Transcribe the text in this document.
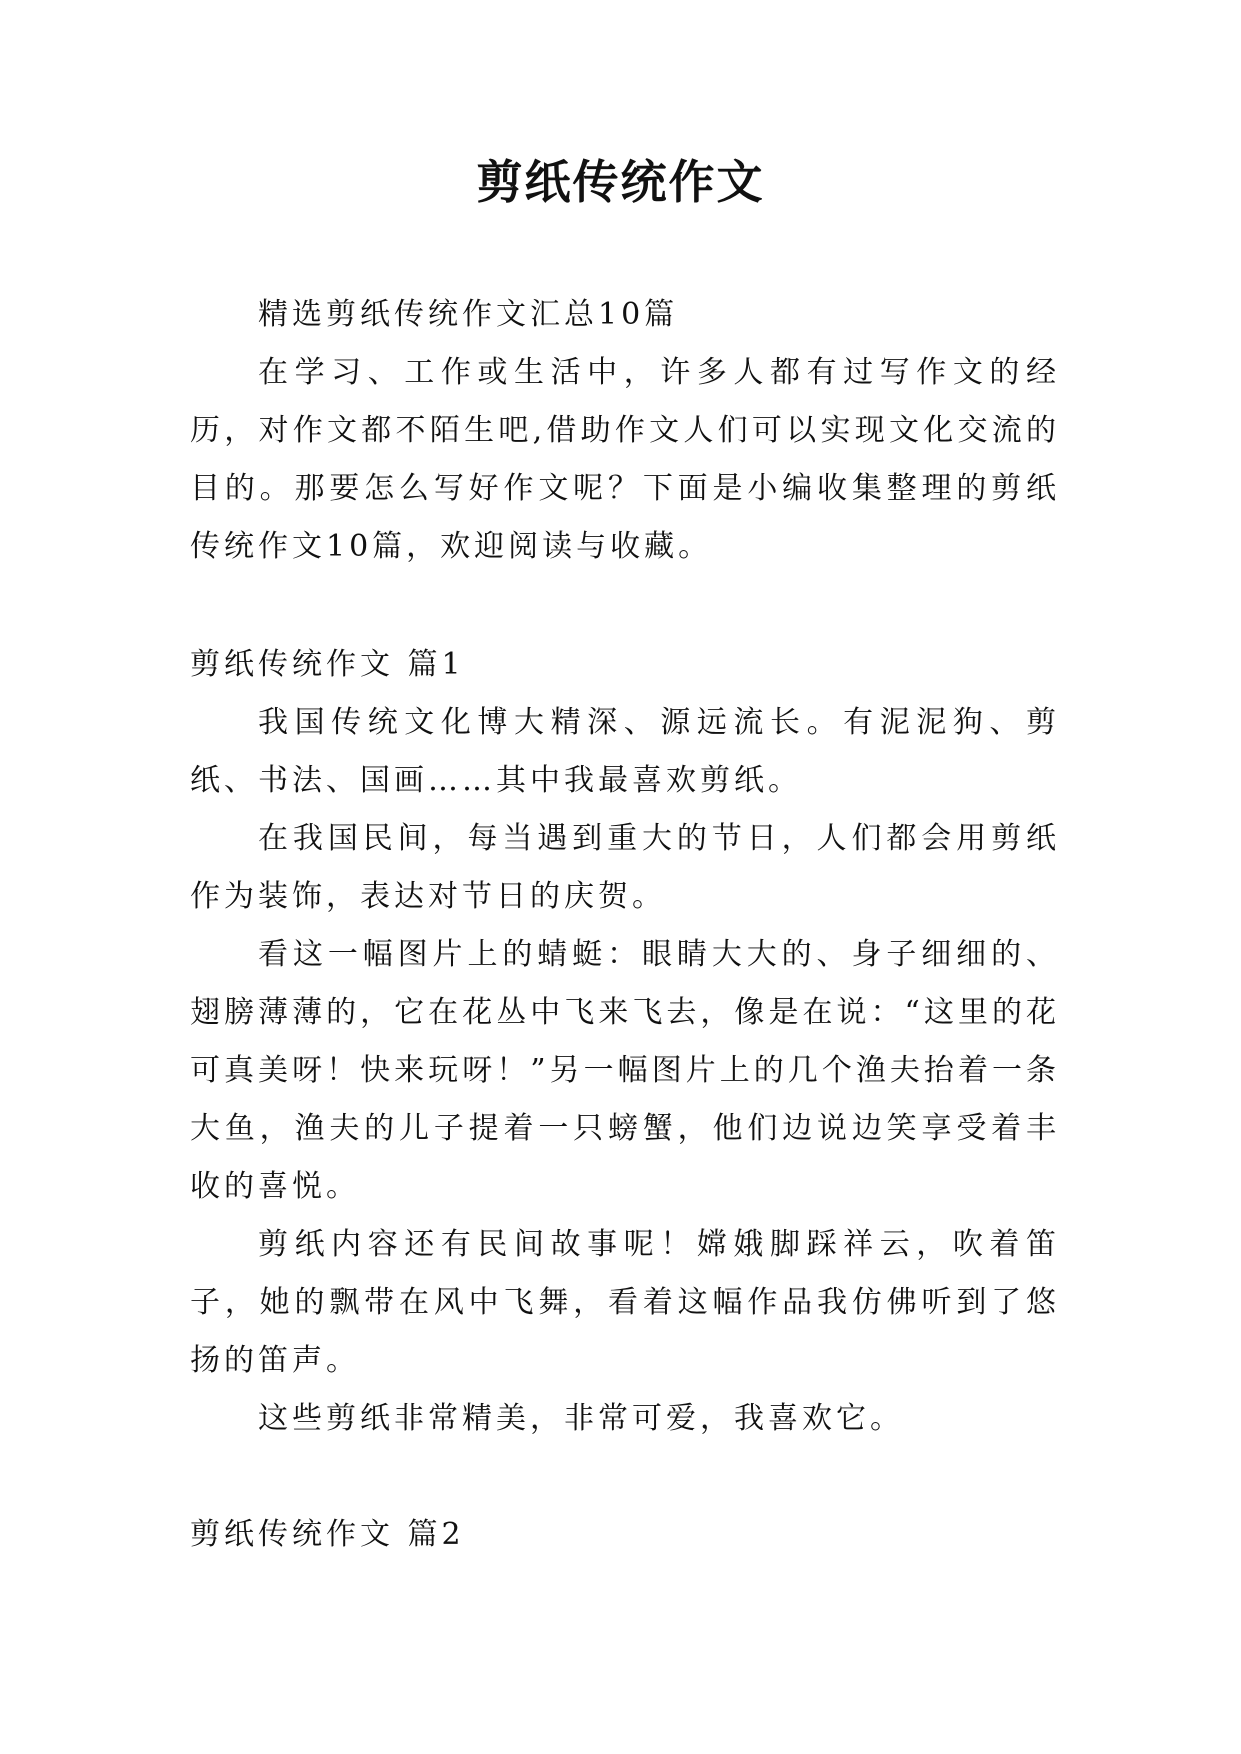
剪纸传统作文

精选剪纸传统作文汇总10篇

在学习、工作或生活中，许多人都有过写作文的经历，对作文都不陌生吧,借助作文人们可以实现文化交流的目的。那要怎么写好作文呢？下面是小编收集整理的剪纸传统作文10篇，欢迎阅读与收藏。

剪纸传统作文 篇1

我国传统文化博大精深、源远流长。有泥泥狗、剪纸、书法、国画……其中我最喜欢剪纸。

在我国民间，每当遇到重大的节日，人们都会用剪纸作为装饰，表达对节日的庆贺。

看这一幅图片上的蜻蜓：眼睛大大的、身子细细的、翅膀薄薄的，它在花丛中飞来飞去，像是在说：“这里的花可真美呀！快来玩呀！”另一幅图片上的几个渔夫抬着一条大鱼，渔夫的儿子提着一只螃蟹，他们边说边笑享受着丰收的喜悦。

剪纸内容还有民间故事呢！嫦娥脚踩祥云，吹着笛子，她的飘带在风中飞舞，看着这幅作品我仿佛听到了悠扬的笛声。

这些剪纸非常精美，非常可爱，我喜欢它。

剪纸传统作文 篇2
